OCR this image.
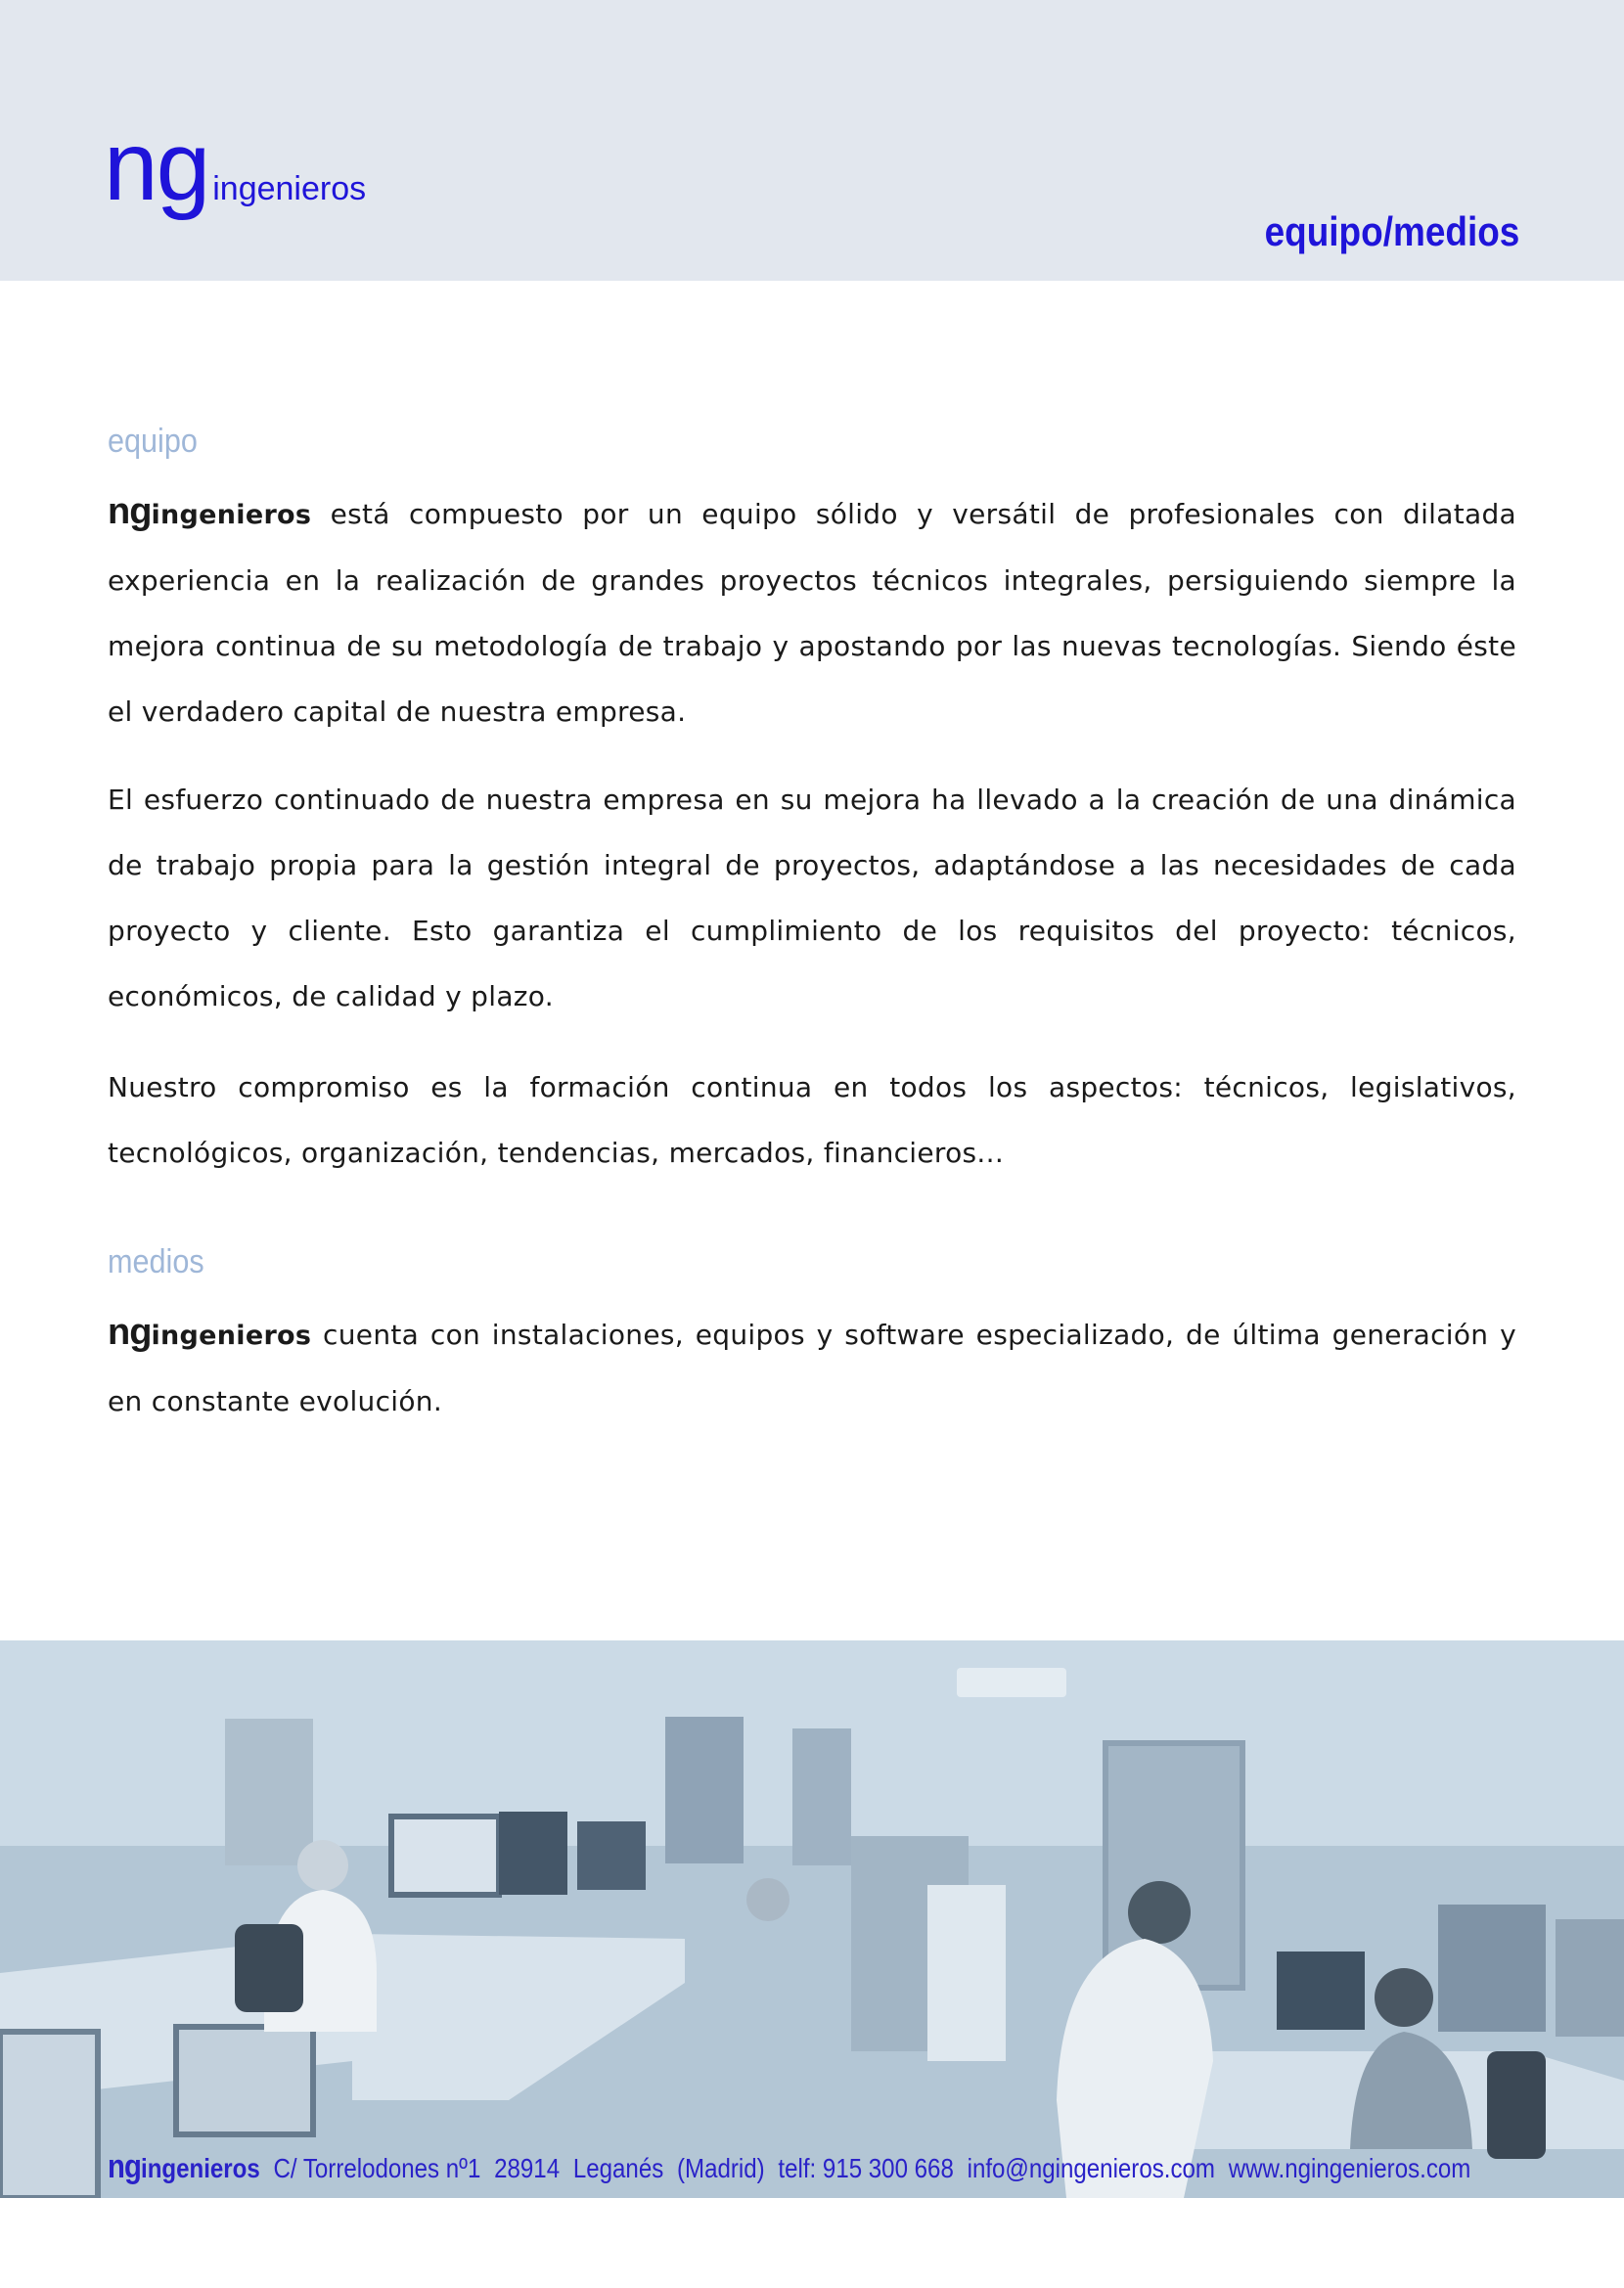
ng ingenieros
equipo/medios
equipo

ngingenieros está compuesto por un equipo sólido y versátil de profesionales con dilatada experiencia en la realización de grandes proyectos técnicos integrales, persiguiendo siempre la mejora continua de su metodología de trabajo y apostando por las nuevas tecnologías. Siendo éste el verdadero capital de nuestra empresa.

El esfuerzo continuado de nuestra empresa en su mejora ha llevado a la creación de una dinámica de trabajo propia para la gestión integral de proyectos, adaptándose a las necesidades de cada proyecto y cliente. Esto garantiza el cumplimiento de los requisitos del proyecto: técnicos, económicos, de calidad y plazo.

Nuestro compromiso es la formación continua en todos los aspectos: técnicos, legislativos, tecnológicos, organización, tendencias, mercados, financieros...

medios

ngingenieros cuenta con instalaciones, equipos y software especializado, de última generación y en constante evolución.

ngingenieros C/ Torrelodones nº1 28914 Leganés (Madrid) telf: 915 300 668 info@ngingenieros.com www.ngingenieros.com
